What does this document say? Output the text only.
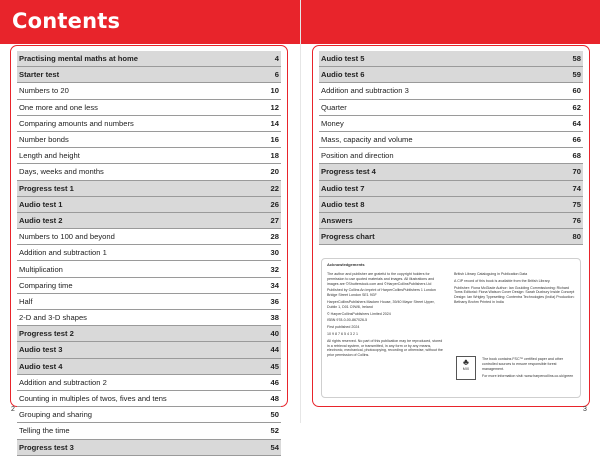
Contents
Practising mental maths at home	4
Starter test	6
Numbers to 20	10
One more and one less	12
Comparing amounts and numbers	14
Number bonds	16
Length and height	18
Days, weeks and months	20
Progress test 1	22
Audio test 1	26
Audio test 2	27
Numbers to 100 and beyond	28
Addition and subtraction 1	30
Multiplication	32
Comparing time	34
Half	36
2-D and 3-D shapes	38
Progress test 2	40
Audio test 3	44
Audio test 4	45
Addition and subtraction 2	46
Counting in multiples of twos, fives and tens	48
Grouping and sharing	50
Telling the time	52
Progress test 3	54
Audio test 5	58
Audio test 6	59
Addition and subtraction 3	60
Quarter	62
Money	64
Mass, capacity and volume	66
Position and direction	68
Progress test 4	70
Audio test 7	74
Audio test 8	75
Answers	76
Progress chart	80
Acknowledgements

The author and publisher are grateful to the copyright holders for permission to use quoted materials and images. All illustrations and images are ©Shutterstock.com and ©HarperCollinsPublishers Ltd

Published by Collins An imprint of HarperCollinsPublishers 1 London Bridge Street London SE1 9GF

HarperCollinsPublishers Macken House, 39/40 Mayor Street Upper, Dublin 1, D01 C9W8, Ireland

© HarperCollinsPublishers Limited 2024

ISBN 978-0-00-867026-5

First published 2024

10 9 8 7 6 5 4 3 2 1

All rights reserved. No part of this publication may be reproduced, stored in a retrieval system, or transmitted, in any form or by any means, electronic, mechanical, photocopying, recording or otherwise, without the prior permission of Collins.

British Library Cataloguing in Publication Data

A CIP record of this book is available from the British Library.

Publisher: Fiona McGlade Author: Ian Goulding Commissioning: Richard Toms Editorial: Fiona Watson Cover Design: Sarah Duxbury Inside Concept Design: Ian Wrigley Typesetting: Contentra Technologies (India) Production: Bethany Brohm Printed in India

♣
MIX

The book contains FSC™ certified paper and other controlled sources to ensure responsible forest management.

For more information visit: www.harpercollins.co.uk/green

2	3
